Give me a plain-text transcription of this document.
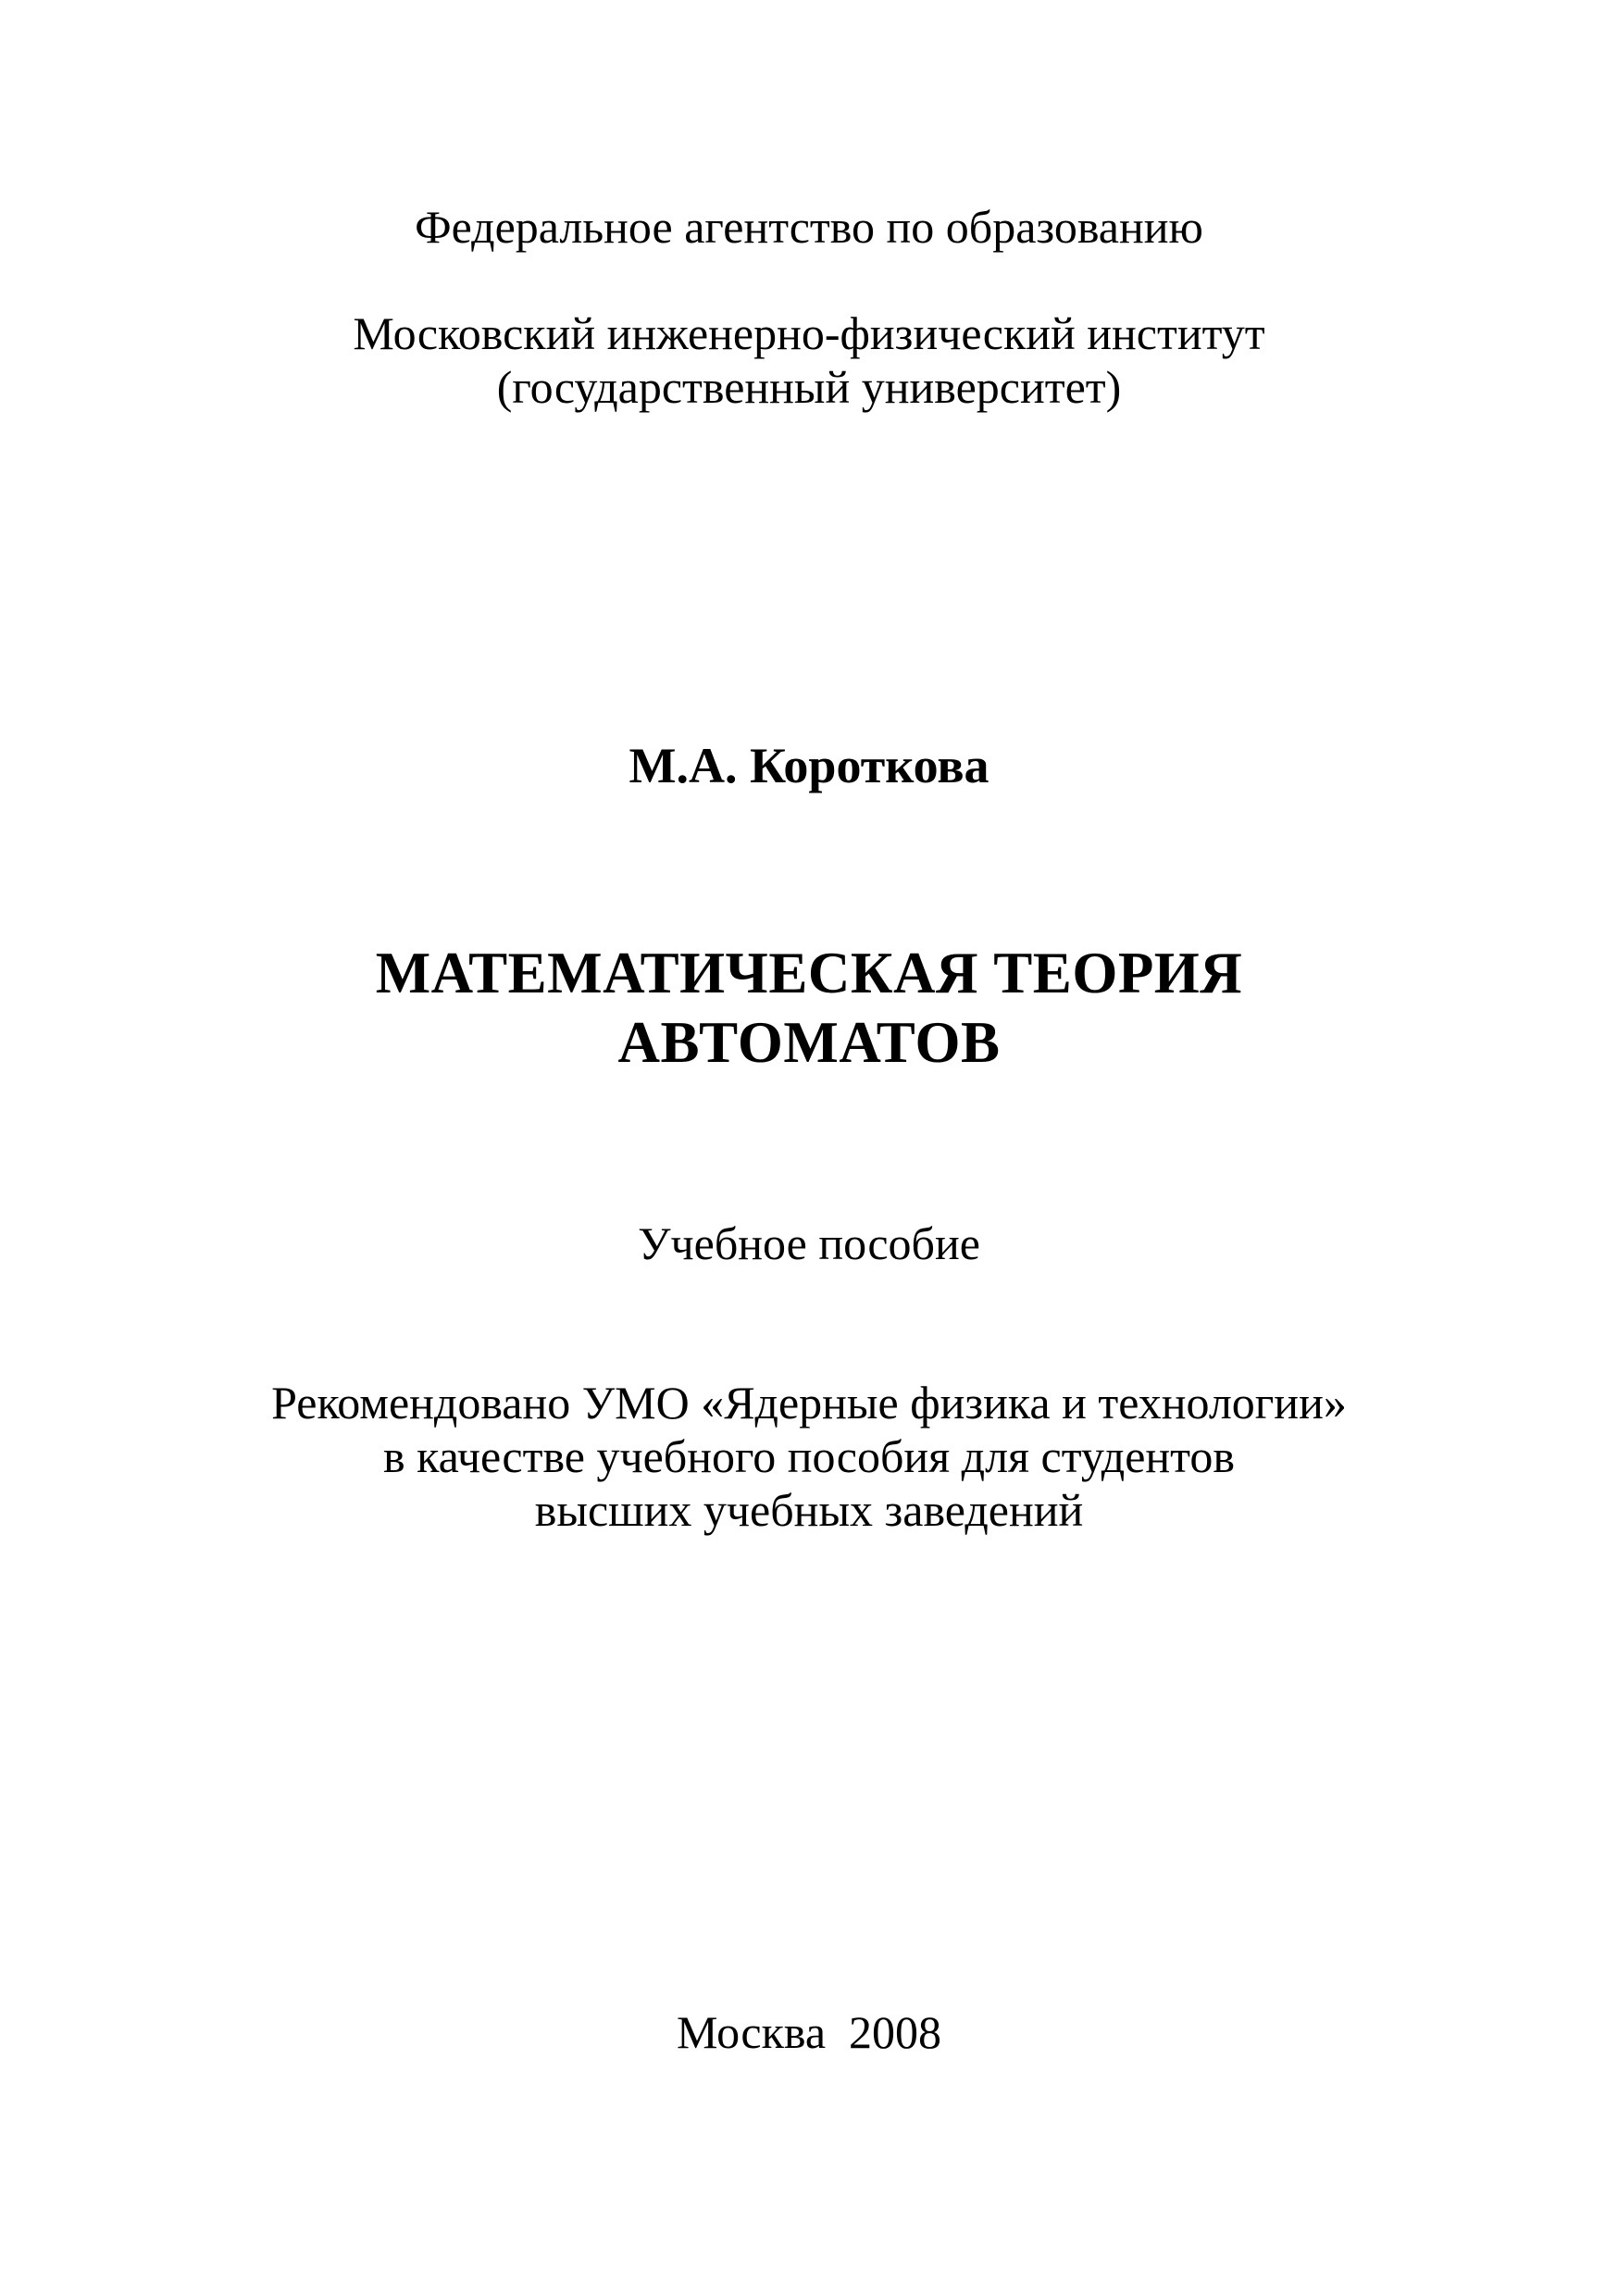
Федеральное агентство по образованию

Московский инженерно-физический институт

(государственный университет)

М.А. Короткова

МАТЕМАТИЧЕСКАЯ ТЕОРИЯ

АВТОМАТОВ

Учебное пособие

Рекомендовано УМО «Ядерные физика и технологии»

в качестве учебного пособия для студентов

высших учебных заведений

Москва 2008
